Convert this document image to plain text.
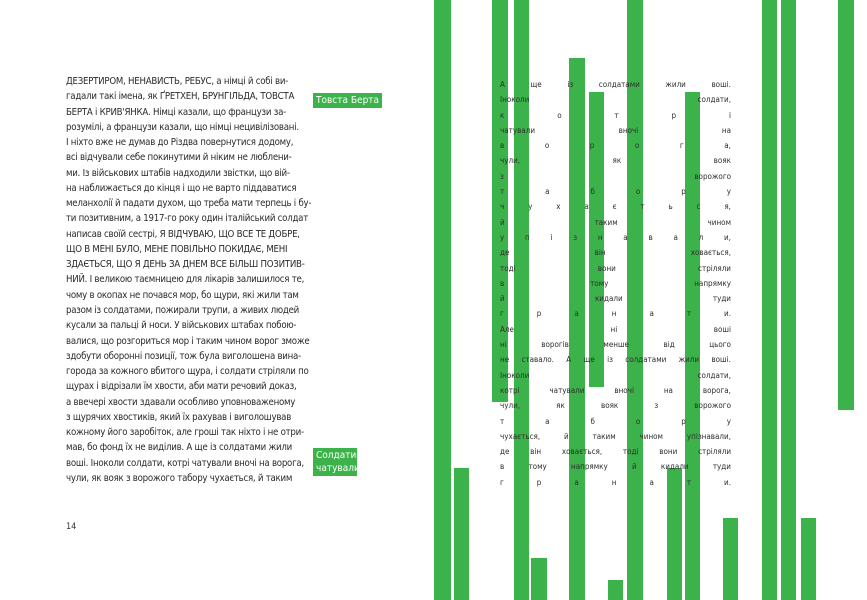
ДЕЗЕРТИРОМ, НЕНАВИСТЬ, РЕБУС, а німці й собі ви-
гадали такі імена, як ҐРЕТХЕН, БРУНГІЛЬДА, ТОВСТА
БЕРТА і КРИВ'ЯНКА. Німці казали, що французи за-
розумілі, а французи казали, що німці нецивілізовані.
І ніхто вже не думав до Різдва повернутися додому,
всі відчували себе покинутими й ніким не люблени-
ми. Із військових штабів надходили звістки, що вій-
на наближається до кінця і що не варто піддаватися
меланхолії й падати духом, що треба мати терпець і бу-
ти позитивним, а 1917-го року один італійський солдат
написав своїй сестрі, Я ВІДЧУВАЮ, ЩО ВСЕ ТЕ ДОБРЕ,
ЩО В МЕНІ БУЛО, МЕНЕ ПОВІЛЬНО ПОКИДАЄ, МЕНІ
ЗДАЄТЬСЯ, ЩО Я ДЕНЬ ЗА ДНЕМ ВСЕ БІЛЬШ ПОЗИТИВ-
НИЙ. І великою таємницею для лікарів залишилося те,
чому в окопах не почався мор, бо щури, які жили там
разом із солдатами, пожирали трупи, а живих людей
кусали за пальці й носи. У військових штабах побою-
валися, що розгориться мор і таким чином ворог зможе
здобути оборонні позиції, тож була виголошена вина-
города за кожного вбитого щура, і солдати стріляли по
щурах і відрізали їм хвости, аби мати речовий доказ,
а ввечері хвости здавали особливо уповноваженому
з щурячих хвостиків, який їх рахував і виголошував
кожному його заробіток, але гроші так ніхто і не отри-
мав, бо фонд їх не виділив. А ще із солдатами жили
воші. Іноколи солдати, котрі чатували вночі на ворога,
чули, як вояк з ворожого табору чухається, й таким
Товста Берта
Солдати чатували
14
А	ще	із	солдатами	жили	воші.
Іноколи	солдати,
к	о	т	р	і
чатували	вночі	на
в	о	р	о	г	а,
чули,	як	вояк
з	ворожого
т	а	б	о	р	у
ч	у	х	а	є	т	ь	с	я,
й	таким	чином
у	п	і	з	н	а	в	а	л	и,
де	він	ховається,
тоді	вони	стріляли
в	тому	напрямку
й	кидали	туди
г	р	а	н	а	т	и.
Але	ні	воші
ні	ворогів	менше	від	цього
не ставало. А ще із солдатами жили воші.
Іноколи	солдати,
котрі	чатували	вночі	на	ворога,
чули,	як	вояк	з	ворожого
т	а	б	о	р	у
чухається,	й	таким	чином	упізнавали,
де	він	ховається,	тоді	вони	стріляли
в	тому	напрямку	й	кидали	туди
г	р	а	н	а	т	и.
